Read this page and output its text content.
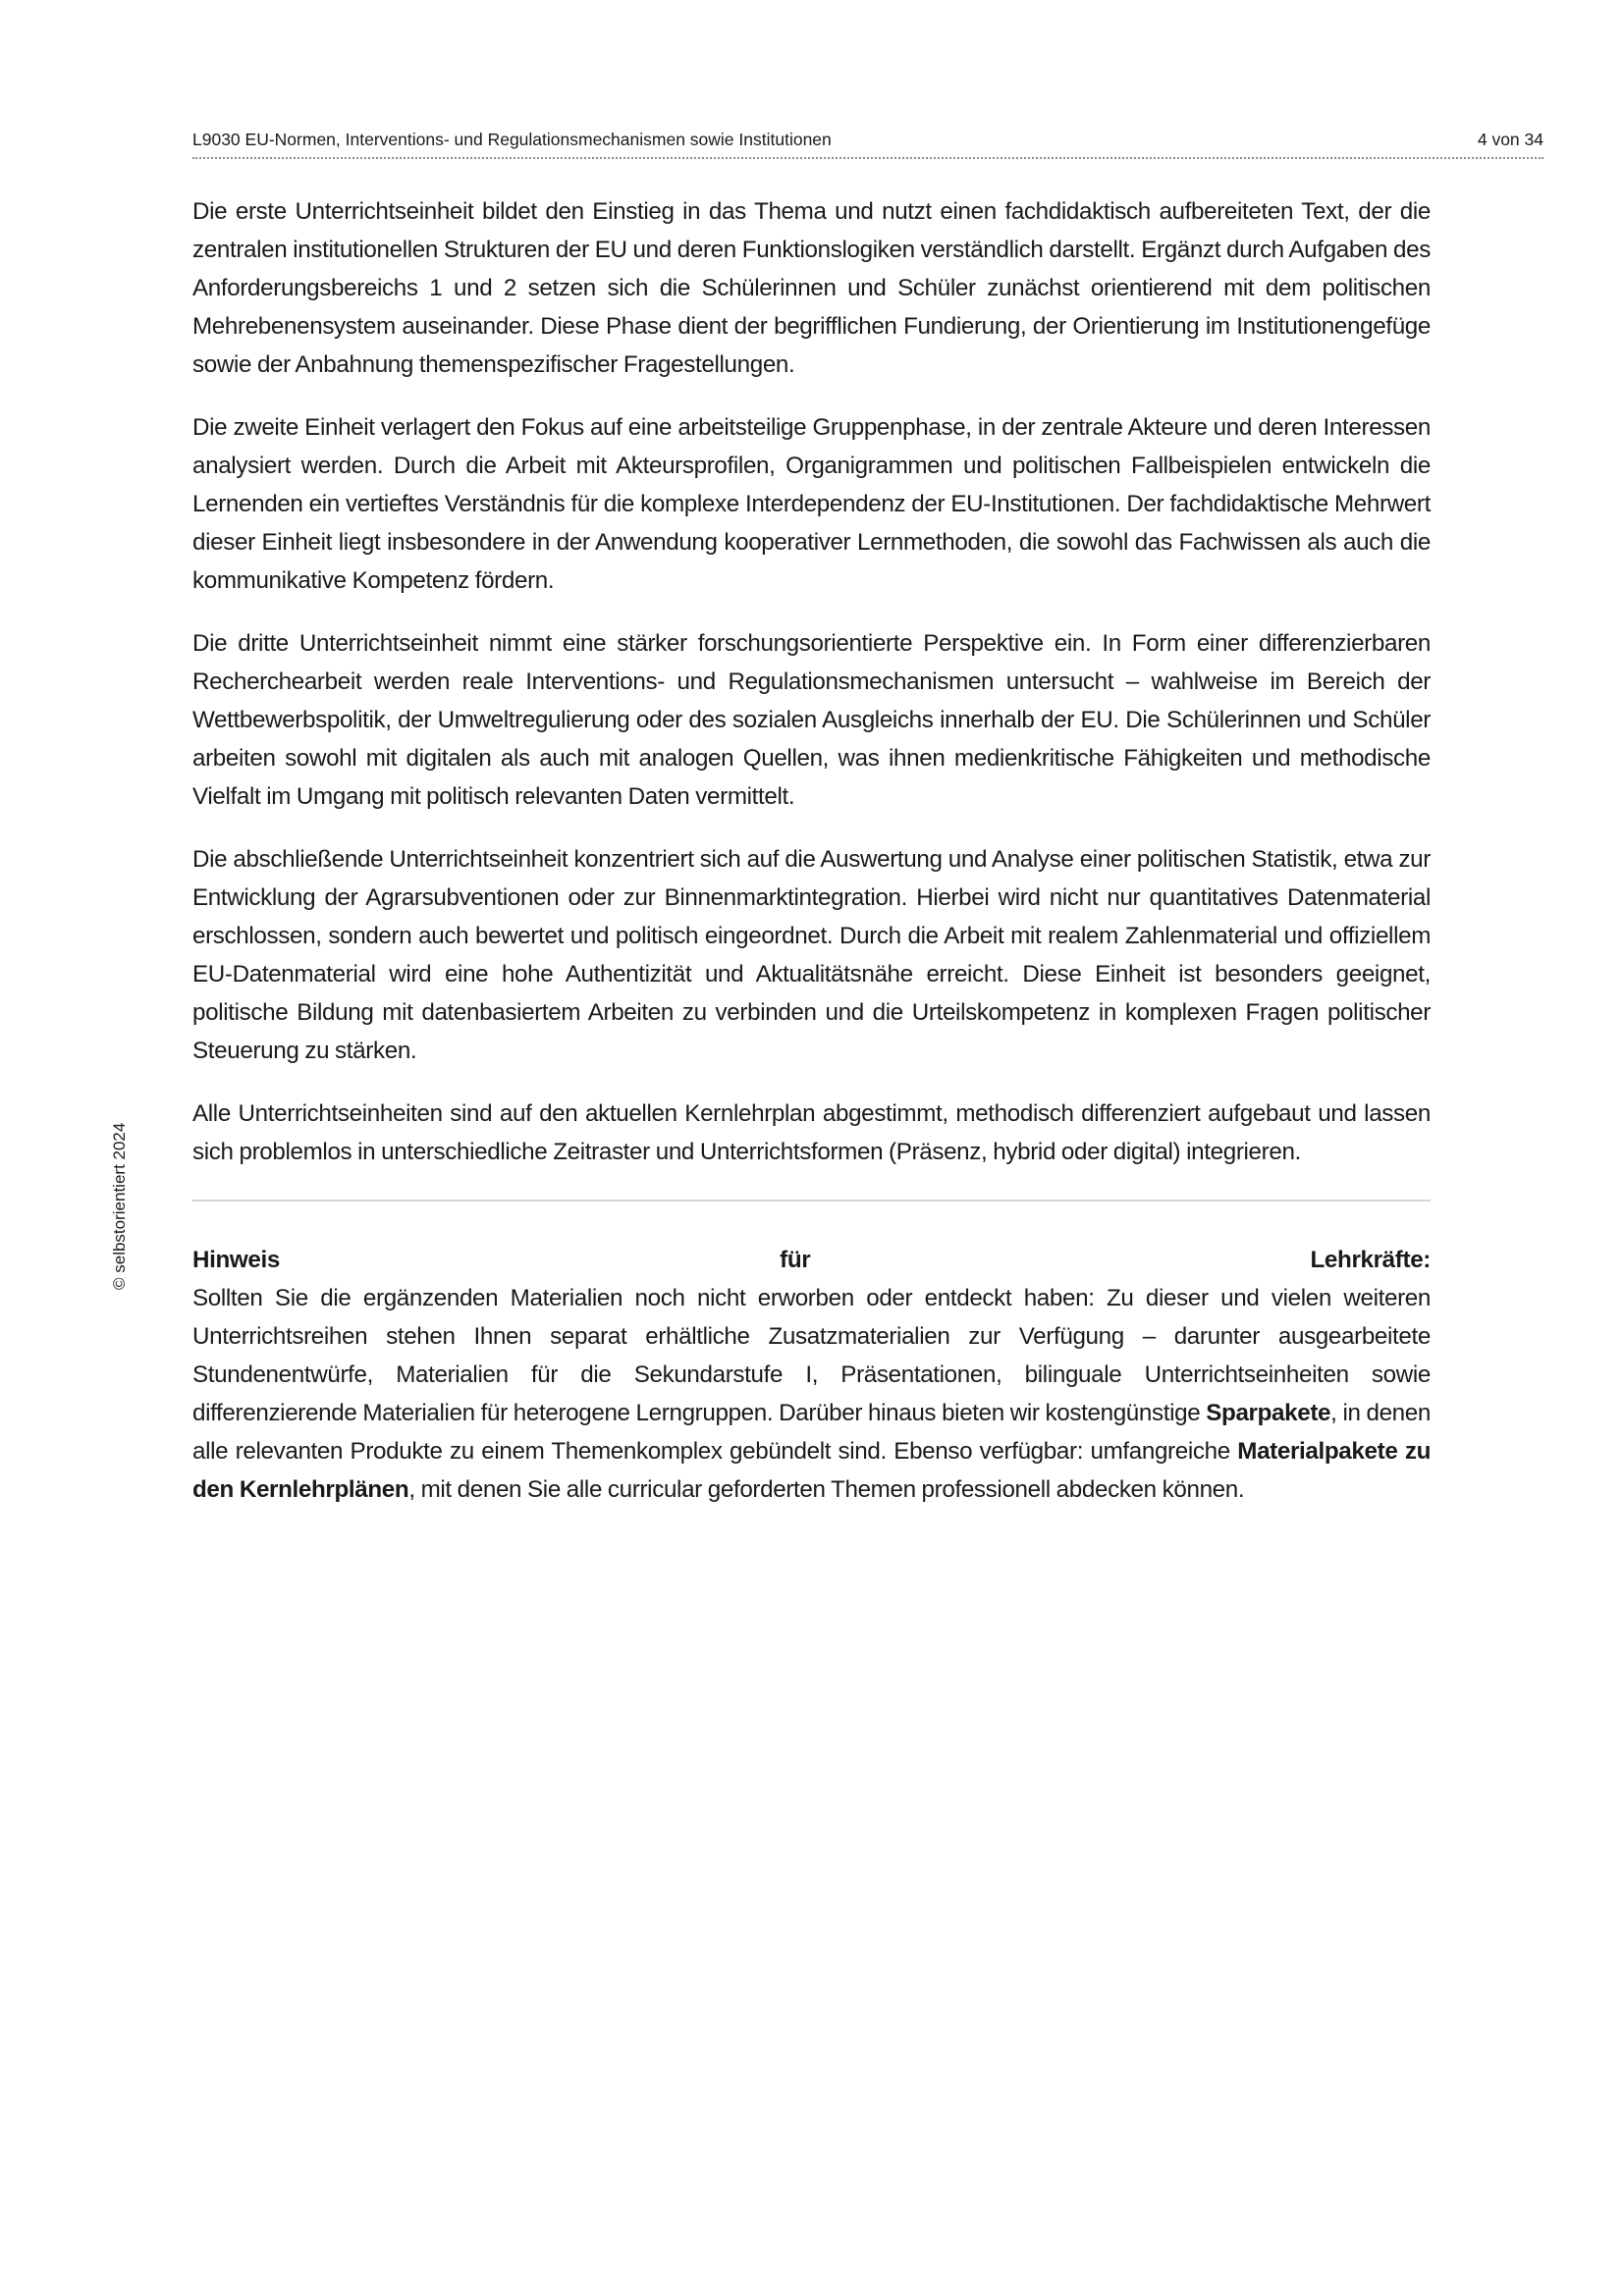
L9030 EU-Normen, Interventions- und Regulationsmechanismen sowie Institutionen	4 von 34
© selbstorientiert 2024

Die erste Unterrichtseinheit bildet den Einstieg in das Thema und nutzt einen fachdidaktisch aufbereiteten Text, der die zentralen institutionellen Strukturen der EU und deren Funktionslogiken verständlich darstellt. Ergänzt durch Aufgaben des Anforderungsbereichs 1 und 2 setzen sich die Schülerinnen und Schüler zunächst orientierend mit dem politischen Mehrebenensystem auseinander. Diese Phase dient der begrifflichen Fundierung, der Orientierung im Institutionengefüge sowie der Anbahnung themenspezifischer Fragestellungen.

Die zweite Einheit verlagert den Fokus auf eine arbeitsteilige Gruppenphase, in der zentrale Akteure und deren Interessen analysiert werden. Durch die Arbeit mit Akteursprofilen, Organigrammen und politischen Fallbeispielen entwickeln die Lernenden ein vertieftes Verständnis für die komplexe Interdependenz der EU-Institutionen. Der fachdidaktische Mehrwert dieser Einheit liegt insbesondere in der Anwendung kooperativer Lernmethoden, die sowohl das Fachwissen als auch die kommunikative Kompetenz fördern.

Die dritte Unterrichtseinheit nimmt eine stärker forschungsorientierte Perspektive ein. In Form einer differenzierbaren Recherchearbeit werden reale Interventions- und Regulationsmechanismen untersucht – wahlweise im Bereich der Wettbewerbspolitik, der Umweltregulierung oder des sozialen Ausgleichs innerhalb der EU. Die Schülerinnen und Schüler arbeiten sowohl mit digitalen als auch mit analogen Quellen, was ihnen medienkritische Fähigkeiten und methodische Vielfalt im Umgang mit politisch relevanten Daten vermittelt.

Die abschließende Unterrichtseinheit konzentriert sich auf die Auswertung und Analyse einer politischen Statistik, etwa zur Entwicklung der Agrarsubventionen oder zur Binnenmarktintegration. Hierbei wird nicht nur quantitatives Datenmaterial erschlossen, sondern auch bewertet und politisch eingeordnet. Durch die Arbeit mit realem Zahlenmaterial und offiziellem EU-Datenmaterial wird eine hohe Authentizität und Aktualitätsnähe erreicht. Diese Einheit ist besonders geeignet, politische Bildung mit datenbasiertem Arbeiten zu verbinden und die Urteilskompetenz in komplexen Fragen politischer Steuerung zu stärken.

Alle Unterrichtseinheiten sind auf den aktuellen Kernlehrplan abgestimmt, methodisch differenziert aufgebaut und lassen sich problemlos in unterschiedliche Zeitraster und Unterrichtsformen (Präsenz, hybrid oder digital) integrieren.

Hinweis	für	Lehrkräfte:

Sollten Sie die ergänzenden Materialien noch nicht erworben oder entdeckt haben: Zu dieser und vielen weiteren Unterrichtsreihen stehen Ihnen separat erhältliche Zusatzmaterialien zur Verfügung – darunter ausgearbeitete Stundenentwürfe, Materialien für die Sekundarstufe I, Präsentationen, bilinguale Unterrichtseinheiten sowie differenzierende Materialien für heterogene Lerngruppen. Darüber hinaus bieten wir kostengünstige Sparpakete, in denen alle relevanten Produkte zu einem Themenkomplex gebündelt sind. Ebenso verfügbar: umfangreiche Materialpakete zu den Kernlehrplänen, mit denen Sie alle curricular geforderten Themen professionell abdecken können.
